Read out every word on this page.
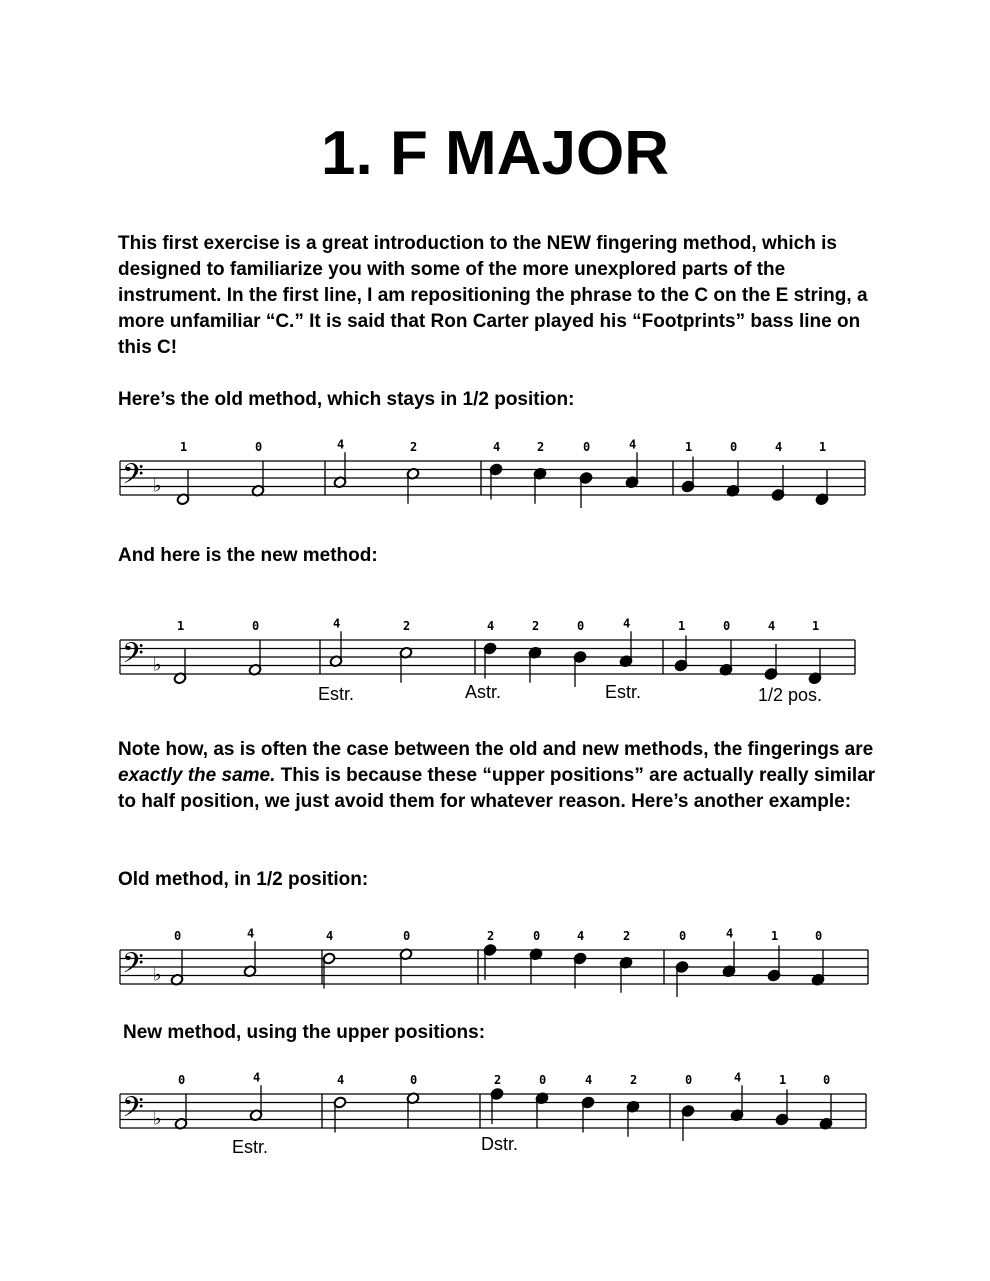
1. F MAJOR
This first exercise is a great introduction to the NEW fingering method, which is designed to familiarize you with some of the more unexplored parts of the instrument. In the first line, I am repositioning the phrase to the C on the E string, a more unfamiliar “C.” It is said that Ron Carter played his “Footprints” bass line on this C!
Here’s the old method, which stays in 1/2 position:
𝄢 ♭
1	0	4	2	4	2	0	4	1	0	4	1
And here is the new method:
𝄢 ♭
1	0	4	2	4	2	0	4	1	0	4	1
Estr.	Astr.	Estr.	1/2 pos.
Note how, as is often the case between the old and new methods, the fingerings are exactly the same. This is because these “upper positions” are actually really similar to half position, we just avoid them for whatever reason. Here’s another example:
Old method, in 1/2 position:
𝄢 ♭
0	4	4	0	2	0	4	2	0	4	1	0
New method, using the upper positions:
𝄢 ♭
0	4	4	0	2	0	4	2	0	4	1	0
Estr.	Dstr.
